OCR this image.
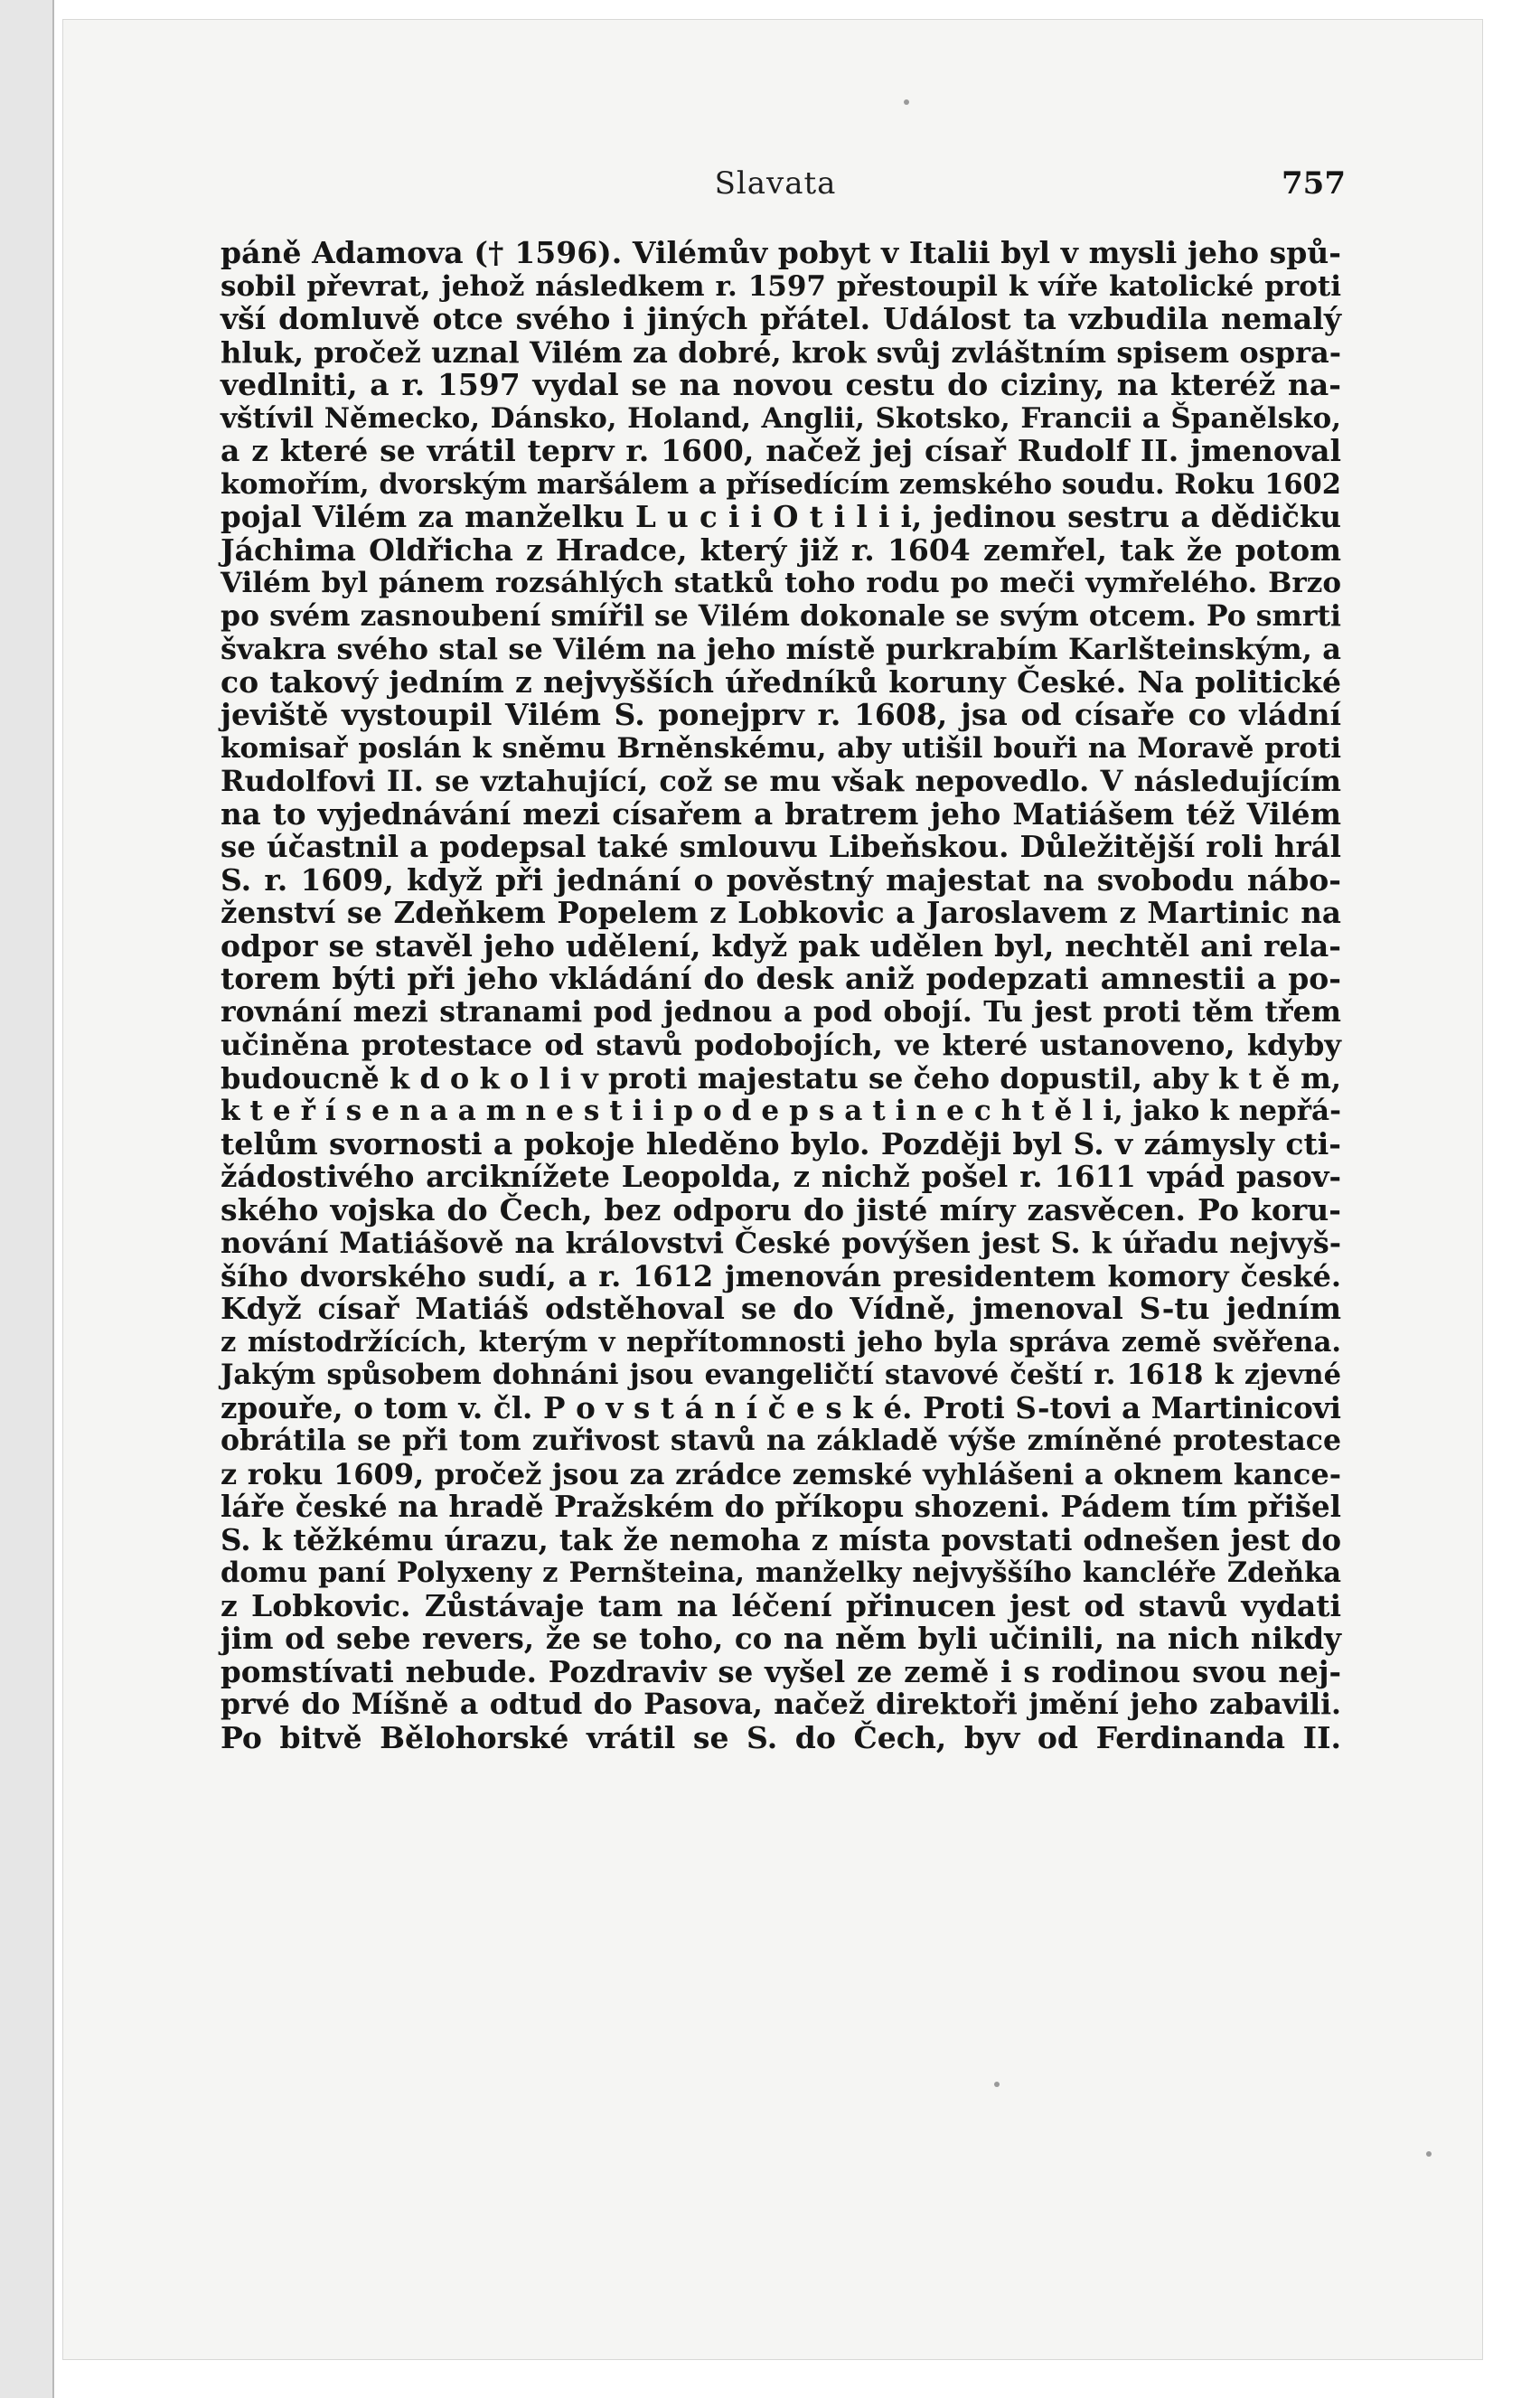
Slavata	757
páně Adamova († 1596). Vilémův pobyt v Italii byl v mysli jeho spů-
sobil převrat, jehož následkem r. 1597 přestoupil k víře katolické proti
vší domluvě otce svého i jiných přátel. Událost ta vzbudila nemalý
hluk, pročež uznal Vilém za dobré, krok svůj zvláštním spisem ospra-
vedlniti, a r. 1597 vydal se na novou cestu do ciziny, na kteréž na-
vštívil Německo, Dánsko, Holand, Anglii, Skotsko, Francii a Španělsko,
a z které se vrátil teprv r. 1600, načež jej císař Rudolf II. jmenoval
komořím, dvorským maršálem a přísedícím zemského soudu. Roku 1602
pojal Vilém za manželku L u c i i O t i l i i, jedinou sestru a dědičku
Jáchima Oldřicha z Hradce, který již r. 1604 zemřel, tak že potom
Vilém byl pánem rozsáhlých statků toho rodu po meči vymřelého. Brzo
po svém zasnoubení smířil se Vilém dokonale se svým otcem. Po smrti
švakra svého stal se Vilém na jeho místě purkrabím Karlšteinským, a
co takový jedním z nejvyšších úředníků koruny České. Na politické
jeviště vystoupil Vilém S. ponejprv r. 1608, jsa od císaře co vládní
komisař poslán k sněmu Brněnskému, aby utišil bouři na Moravě proti
Rudolfovi II. se vztahující, což se mu však nepovedlo. V následujícím
na to vyjednávání mezi císařem a bratrem jeho Matiášem též Vilém
se účastnil a podepsal také smlouvu Libeňskou. Důležitější roli hrál
S. r. 1609, když při jednání o pověstný majestat na svobodu nábo-
ženství se Zdeňkem Popelem z Lobkovic a Jaroslavem z Martinic na
odpor se stavěl jeho udělení, když pak udělen byl, nechtěl ani rela-
torem býti při jeho vkládání do desk aniž podepzati amnestii a po-
rovnání mezi stranami pod jednou a pod obojí. Tu jest proti těm třem
učiněna protestace od stavů podobojích, ve které ustanoveno, kdyby
budoucně k d o k o l i v proti majestatu se čeho dopustil, aby k t ě m,
k t e ř í s e n a a m n e s t i i p o d e p s a t i n e c h t ě l i, jako k nepřá-
telům svornosti a pokoje hleděno bylo. Později byl S. v zámysly cti-
žádostivého arciknížete Leopolda, z nichž pošel r. 1611 vpád pasov-
ského vojska do Čech, bez odporu do jisté míry zasvěcen. Po koru-
nování Matiášově na královstvi České povýšen jest S. k úřadu nejvyš-
šího dvorského sudí, a r. 1612 jmenován presidentem komory české.
Když císař Matiáš odstěhoval se do Vídně, jmenoval S-tu jedním
z místodržících, kterým v nepřítomnosti jeho byla správa země svěřena.
Jakým spůsobem dohnáni jsou evangeličtí stavové čeští r. 1618 k zjevné
zpouře, o tom v. čl. P o v s t á n í č e s k é. Proti S-tovi a Martinicovi
obrátila se při tom zuřivost stavů na základě výše zmíněné protestace
z roku 1609, pročež jsou za zrádce zemské vyhlášeni a oknem kance-
láře české na hradě Pražském do příkopu shozeni. Pádem tím přišel
S. k těžkému úrazu, tak že nemoha z místa povstati odnešen jest do
domu paní Polyxeny z Pernšteina, manželky nejvyššího kancléře Zdeňka
z Lobkovic. Zůstávaje tam na léčení přinucen jest od stavů vydati
jim od sebe revers, že se toho, co na něm byli učinili, na nich nikdy
pomstívati nebude. Pozdraviv se vyšel ze země i s rodinou svou nej-
prvé do Míšně a odtud do Pasova, načež direktoři jmění jeho zabavili.
Po bitvě Bělohorské vrátil se S. do Čech, byv od Ferdinanda II.
